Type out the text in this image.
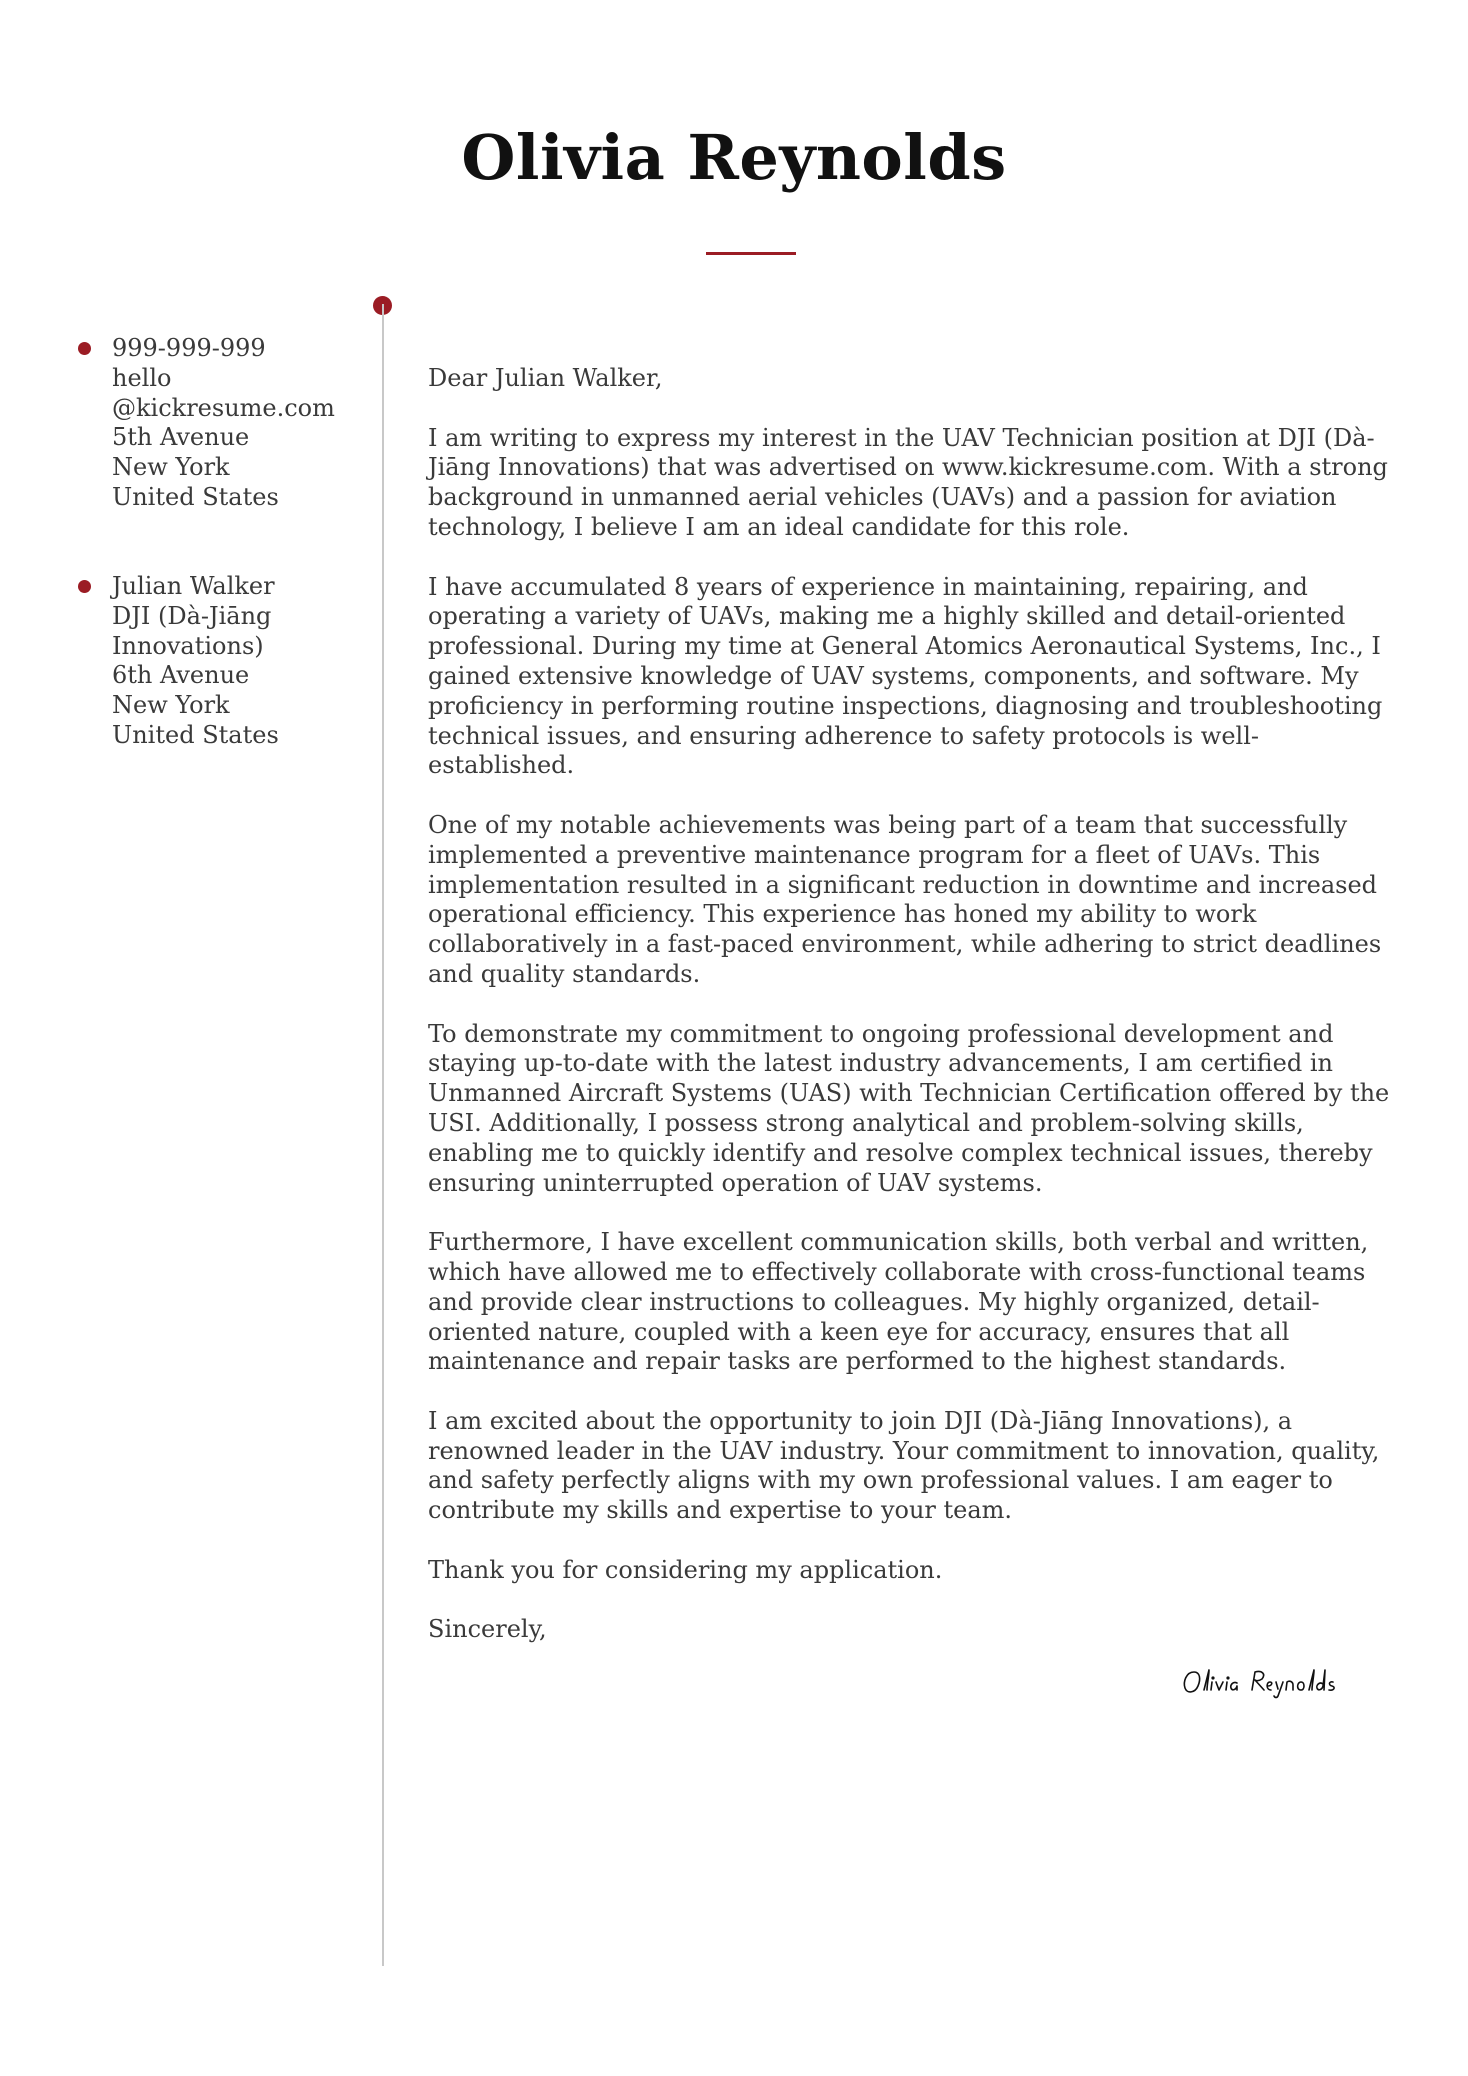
Olivia Reynolds
999-999-999
hello
@kickresume.com
5th Avenue
New York
United States
Julian Walker
DJI (Dà-Jiāng
Innovations)
6th Avenue
New York
United States

Dear Julian Walker,

I am writing to express my interest in the UAV Technician position at DJI (Dà-Jiāng Innovations) that was advertised on www.kickresume.com. With a strong background in unmanned aerial vehicles (UAVs) and a passion for aviation technology, I believe I am an ideal candidate for this role.

I have accumulated 8 years of experience in maintaining, repairing, and operating a variety of UAVs, making me a highly skilled and detail-oriented professional. During my time at General Atomics Aeronautical Systems, Inc., I gained extensive knowledge of UAV systems, components, and software. My proficiency in performing routine inspections, diagnosing and troubleshooting technical issues, and ensuring adherence to safety protocols is well-established.

One of my notable achievements was being part of a team that successfully implemented a preventive maintenance program for a fleet of UAVs. This implementation resulted in a significant reduction in downtime and increased operational efficiency. This experience has honed my ability to work collaboratively in a fast-paced environment, while adhering to strict deadlines and quality standards.

To demonstrate my commitment to ongoing professional development and staying up-to-date with the latest industry advancements, I am certified in Unmanned Aircraft Systems (UAS) with Technician Certification offered by the USI. Additionally, I possess strong analytical and problem-solving skills, enabling me to quickly identify and resolve complex technical issues, thereby ensuring uninterrupted operation of UAV systems.

Furthermore, I have excellent communication skills, both verbal and written, which have allowed me to effectively collaborate with cross-functional teams and provide clear instructions to colleagues. My highly organized, detail-oriented nature, coupled with a keen eye for accuracy, ensures that all maintenance and repair tasks are performed to the highest standards.

I am excited about the opportunity to join DJI (Dà-Jiāng Innovations), a renowned leader in the UAV industry. Your commitment to innovation, quality, and safety perfectly aligns with my own professional values. I am eager to contribute my skills and expertise to your team.

Thank you for considering my application.

Sincerely,
